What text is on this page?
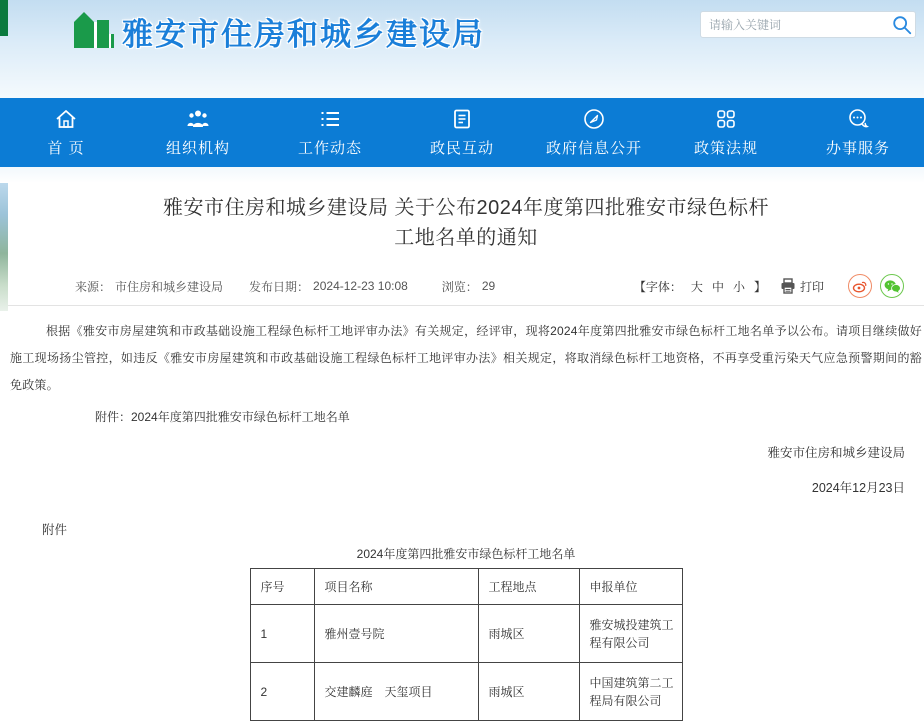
雅安市住房和城乡建设局
请输入关键词
首 页	组织机构	工作动态	政民互动	政府信息公开	政策法规	办事服务
雅安市住房和城乡建设局 关于公布2024年度第四批雅安市绿色标杆工地名单的通知
来源： 市住房和城乡建设局 发布日期： 2024-12-23 10:08	浏览： 29	【字体： 大 中 小 】	打印
根据《雅安市房屋建筑和市政基础设施工程绿色标杆工地评审办法》有关规定，经评审，现将2024年度第四批雅安市绿色标杆工地名单予以公布。请项目继续做好施工现场扬尘管控，如违反《雅安市房屋建筑和市政基础设施工程绿色标杆工地评审办法》相关规定，将取消绿色标杆工地资格，不再享受重污染天气应急预警期间的豁免政策。
附件：2024年度第四批雅安市绿色标杆工地名单
雅安市住房和城乡建设局
2024年12月23日
附件
2024年度第四批雅安市绿色标杆工地名单
序号	项目名称	工程地点	申报单位
1	雅州壹号院	雨城区	雅安城投建筑工程有限公司
2	交建麟庭　天玺项目	雨城区	中国建筑第二工程局有限公司
